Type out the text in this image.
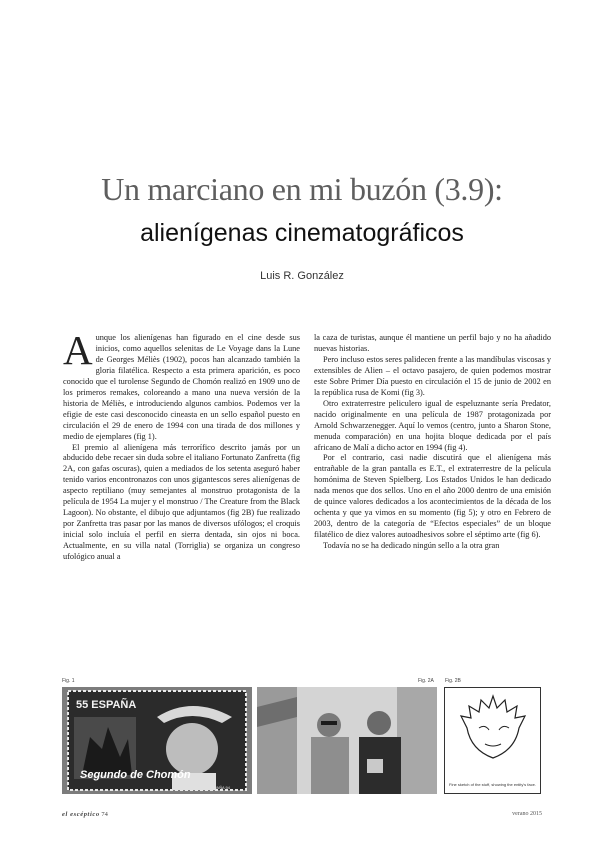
Un marciano en mi buzón (3.9):
alienígenas cinematográficos

Luis R. González

Aunque los alienígenas han figurado en el cine desde sus inicios, como aquellos selenitas de Le Voyage dans la Lune de Georges Méliès (1902), pocos han alcanzado también la gloria filatélica. Respecto a esta primera aparición, es poco conocido que el turolense Segundo de Chomón realizó en 1909 uno de los primeros remakes, coloreando a mano una nueva versión de la historia de Méliès, e introduciendo algunos cambios. Podemos ver la efigie de este casi desconocido cineasta en un sello español puesto en circulación el 29 de enero de 1994 con una tirada de dos millones y medio de ejemplares (fig 1).

El premio al alienígena más terrorífico descrito jamás por un abducido debe recaer sin duda sobre el italiano Fortunato Zanfretta (fig 2A, con gafas oscuras), quien a mediados de los setenta aseguró haber tenido varios encontronazos con unos gigantescos seres alienígenas de aspecto reptiliano (muy semejantes al monstruo protagonista de la película de 1954 La mujer y el monstruo / The Creature from the Black Lagoon). No obstante, el dibujo que adjuntamos (fig 2B) fue realizado por Zanfretta tras pasar por las manos de diversos ufólogos; el croquis inicial solo incluía el perfil en sierra dentada, sin ojos ni boca. Actualmente, en su villa natal (Torriglia) se organiza un congreso ufológico anual a

la caza de turistas, aunque él mantiene un perfil bajo y no ha añadido nuevas historias.

Pero incluso estos seres palidecen frente a las mandíbulas viscosas y extensibles de Alien – el octavo pasajero, de quien podemos mostrar este Sobre Primer Día puesto en circulación el 15 de junio de 2002 en la república rusa de Komi (fig 3).

Otro extraterrestre peliculero igual de espeluznante sería Predator, nacido originalmente en una película de 1987 protagonizada por Arnold Schwarzenegger. Aquí lo vemos (centro, junto a Sharon Stone, menuda comparación) en una hojita bloque dedicada por el país africano de Malí a dicho actor en 1994 (fig 4).

Por el contrario, casi nadie discutirá que el alienígena más entrañable de la gran pantalla es E.T., el extraterrestre de la película homónima de Steven Spielberg. Los Estados Unidos le han dedicado nada menos que dos sellos. Uno en el año 2000 dentro de una emisión de quince valores dedicados a los acontecimientos de la década de los ochenta y que ya vimos en su momento (fig 5); y otro en Febrero de 2003, dentro de la categoría de “Efectos especiales” de un bloque filatélico de diez valores autoadhesivos sobre el séptimo arte (fig 6).

Todavía no se ha dedicado ningún sello a la otra gran

Fig. 1	Fig. 2A Fig. 2B
55 ESPAÑA
Segundo de Chomón
ESPAÑA 94
Fine sketch of the stuff, showing the entity's face.
el escéptico 74	verano 2015
